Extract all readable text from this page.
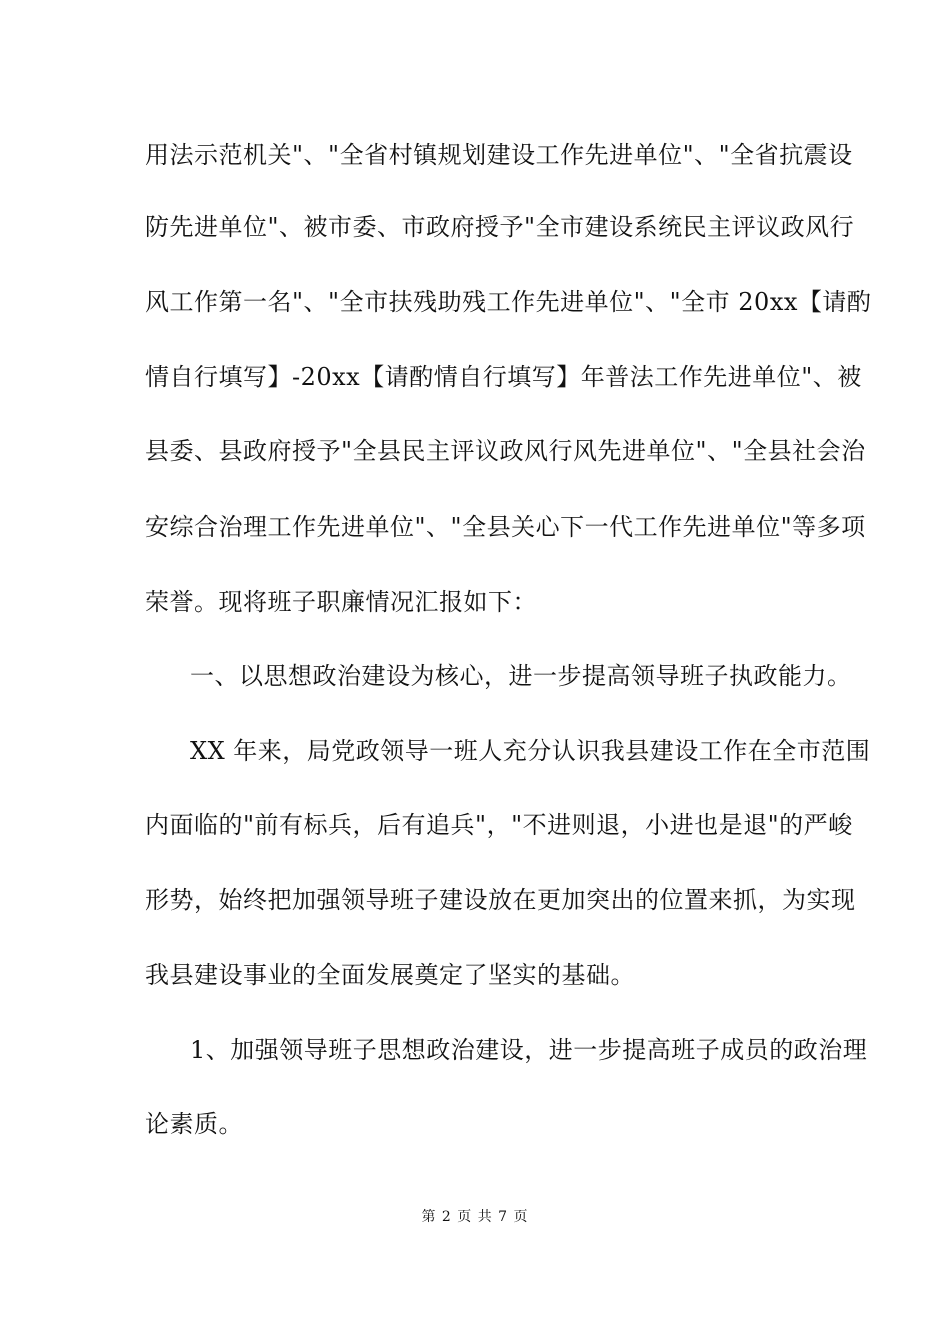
用法示范机关"、"全省村镇规划建设工作先进单位"、"全省抗震设
防先进单位"、被市委、市政府授予"全市建设系统民主评议政风行
风工作第一名"、"全市扶残助残工作先进单位"、"全市 20xx【请酌
情自行填写】-20xx【请酌情自行填写】年普法工作先进单位"、被
县委、县政府授予"全县民主评议政风行风先进单位"、"全县社会治
安综合治理工作先进单位"、"全县关心下一代工作先进单位"等多项
荣誉。现将班子职廉情况汇报如下：
一、以思想政治建设为核心，进一步提高领导班子执政能力。
XX 年来，局党政领导一班人充分认识我县建设工作在全市范围
内面临的"前有标兵，后有追兵"，"不进则退，小进也是退"的严峻
形势，始终把加强领导班子建设放在更加突出的位置来抓，为实现
我县建设事业的全面发展奠定了坚实的基础。
1、加强领导班子思想政治建设，进一步提高班子成员的政治理
论素质。
第 2 页 共 7 页
